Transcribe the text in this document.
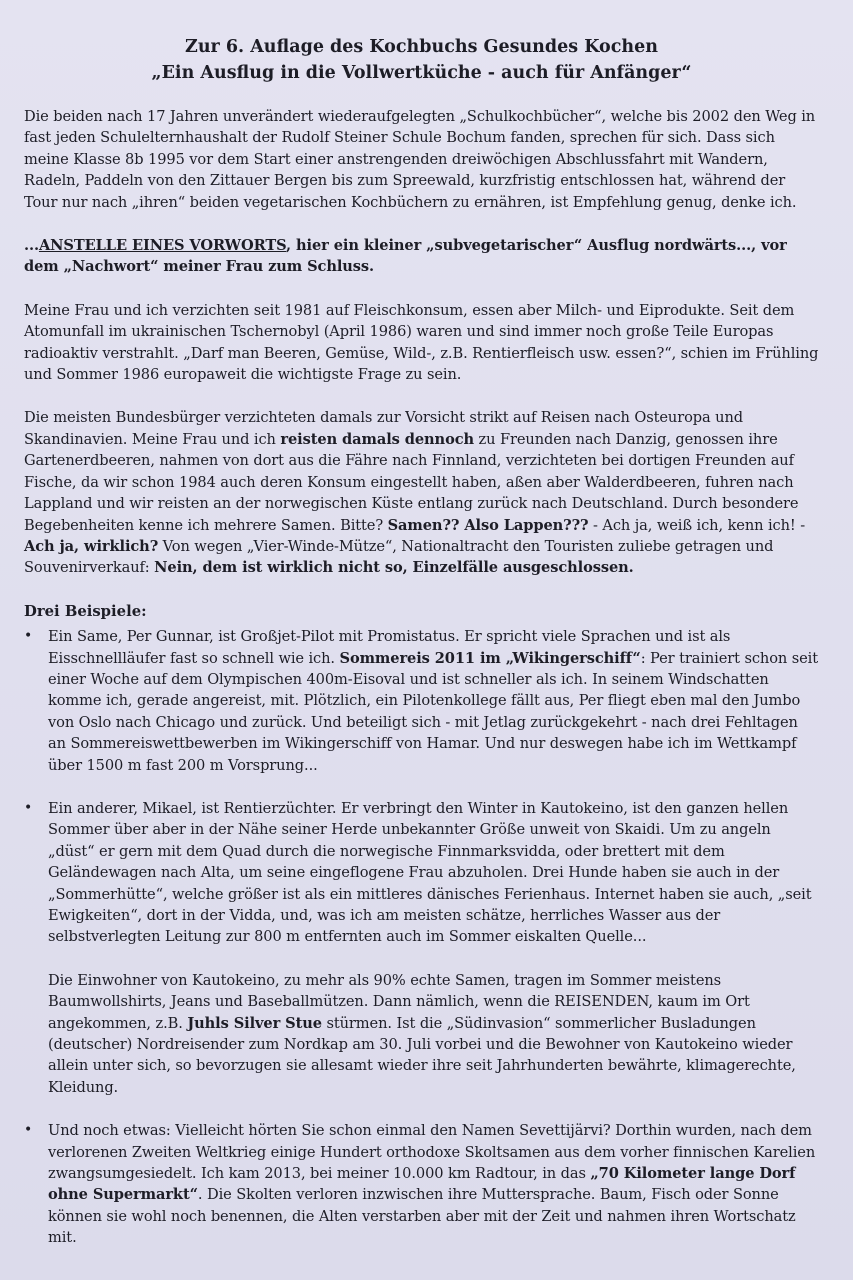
Zur 6. Auflage des Kochbuchs Gesundes Kochen
„Ein Ausflug in die Vollwertküche - auch für Anfänger“

Die beiden nach 17 Jahren unverändert wiederaufgelegten „Schulkochbücher“, welche bis 2002 den Weg in fast jeden Schulelternhaushalt der Rudolf Steiner Schule Bochum fanden, sprechen für sich. Dass sich meine Klasse 8b 1995 vor dem Start einer anstrengenden dreiwöchigen Abschlussfahrt mit Wandern, Radeln, Paddeln von den Zittauer Bergen bis zum Spreewald, kurzfristig entschlossen hat, während der Tour nur nach „ihren“ beiden vegetarischen Kochbüchern zu ernähren, ist Empfehlung genug, denke ich.

...ANSTELLE EINES VORWORTS, hier ein kleiner „subvegetarischer“ Ausflug nordwärts..., vor dem „Nachwort“ meiner Frau zum Schluss.

Meine Frau und ich verzichten seit 1981 auf Fleischkonsum, essen aber Milch- und Eiprodukte. Seit dem Atomunfall im ukrainischen Tschernobyl (April 1986) waren und sind immer noch große Teile Europas radioaktiv verstrahlt. „Darf man Beeren, Gemüse, Wild-, z.B. Rentierfleisch usw. essen?“, schien im Frühling und Sommer 1986 europaweit die wichtigste Frage zu sein.

Die meisten Bundesbürger verzichteten damals zur Vorsicht strikt auf Reisen nach Osteuropa und Skandinavien. Meine Frau und ich reisten damals dennoch zu Freunden nach Danzig, genossen ihre Gartenerdbeeren, nahmen von dort aus die Fähre nach Finnland, verzichteten bei dortigen Freunden auf Fische, da wir schon 1984 auch deren Konsum eingestellt haben, aßen aber Walderdbeeren, fuhren nach Lappland und wir reisten an der norwegischen Küste entlang zurück nach Deutschland. Durch besondere Begebenheiten kenne ich mehrere Samen. Bitte? Samen?? Also Lappen??? - Ach ja, weiß ich, kenn ich! -Ach ja, wirklich? Von wegen „Vier-Winde-Mütze“, Nationaltracht den Touristen zuliebe getragen und Souvenirverkauf: Nein, dem ist wirklich nicht so, Einzelfälle ausgeschlossen.

Drei Beispiele:
• Ein Same, Per Gunnar, ist Großjet-Pilot mit Promistatus. Er spricht viele Sprachen und ist als Eisschnellläufer fast so schnell wie ich. Sommereis 2011 im „Wikingerschiff“: Per trainiert schon seit einer Woche auf dem Olympischen 400m-Eisoval und ist schneller als ich. In seinem Windschatten komme ich, gerade angereist, mit. Plötzlich, ein Pilotenkollege fällt aus, Per fliegt eben mal den Jumbo von Oslo nach Chicago und zurück. Und beteiligt sich - mit Jetlag zurückgekehrt - nach drei Fehltagen an Sommereiswettbewerben im Wikingerschiff von Hamar. Und nur deswegen habe ich im Wettkampf über 1500 m fast 200 m Vorsprung...
• Ein anderer, Mikael, ist Rentierzüchter. Er verbringt den Winter in Kautokeino, ist den ganzen hellen Sommer über aber in der Nähe seiner Herde unbekannter Größe unweit von Skaidi. Um zu angeln „düst“ er gern mit dem Quad durch die norwegische Finnmarksvidda, oder brettert mit dem Geländewagen nach Alta, um seine eingeflogene Frau abzuholen. Drei Hunde haben sie auch in der „Sommerhütte“, welche größer ist als ein mittleres dänisches Ferienhaus. Internet haben sie auch, „seit Ewigkeiten“, dort in der Vidda, und, was ich am meisten schätze, herrliches Wasser aus der selbstverlegten Leitung zur 800 m entfernten auch im Sommer eiskalten Quelle...
Die Einwohner von Kautokeino, zu mehr als 90% echte Samen, tragen im Sommer meistens Baumwollshirts, Jeans und Baseballmützen. Dann nämlich, wenn die REISENDEN, kaum im Ort angekommen, z.B. Juhls Silver Stue stürmen. Ist die „Südinvasion“ sommerlicher Busladungen (deutscher) Nordreisender zum Nordkap am 30. Juli vorbei und die Bewohner von Kautokeino wieder allein unter sich, so bevorzugen sie allesamt wieder ihre seit Jahrhunderten bewährte, klimagerechte, Kleidung.
• Und noch etwas: Vielleicht hörten Sie schon einmal den Namen Sevettijärvi? Dorthin wurden, nach dem verlorenen Zweiten Weltkrieg einige Hundert orthodoxe Skoltsamen aus dem vorher finnischen Karelien zwangsumgesiedelt. Ich kam 2013, bei meiner 10.000 km Radtour, in das „70 Kilometer lange Dorf ohne Supermarkt“. Die Skolten verloren inzwischen ihre Muttersprache. Baum, Fisch oder Sonne können sie wohl noch benennen, die Alten verstarben aber mit der Zeit und nahmen ihren Wortschatz mit.
